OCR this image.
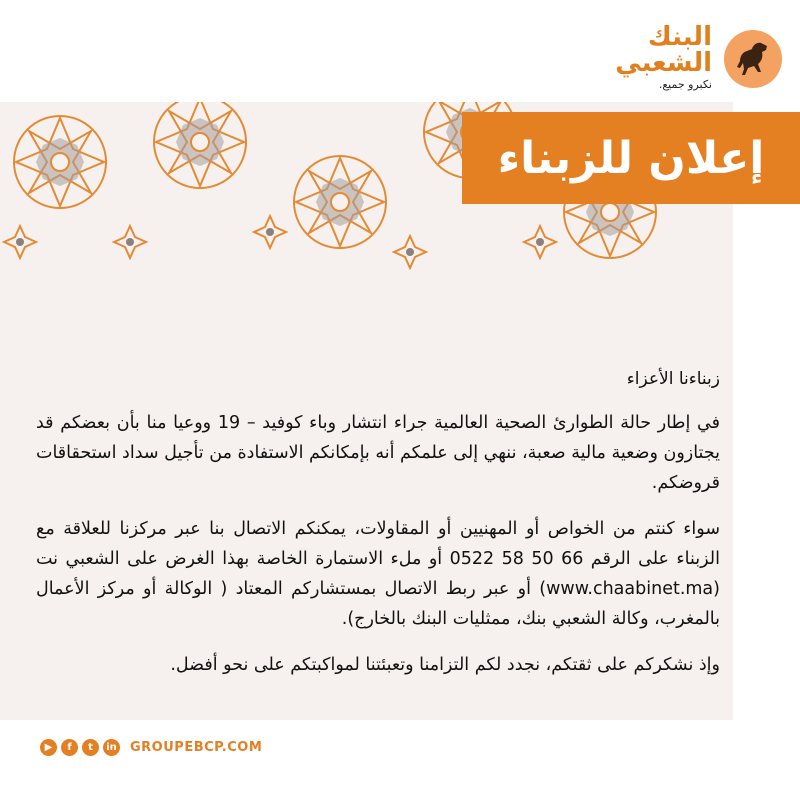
البنك
الشعبي
نكبرو جميع.

زبناءنا الأعزاء

في إطار حالة الطوارئ الصحية العالمية جراء انتشار وباء كوفيد – 19 ووعيا منا بأن بعضكم قد يجتازون وضعية مالية صعبة، ننهي إلى علمكم أنه بإمكانكم الاستفادة من تأجيل سداد استحقاقات قروضكم.

سواء كنتم من الخواص أو المهنيين أو المقاولات، يمكنكم الاتصال بنا عبر مركزنا للعلاقة مع الزبناء على الرقم 66 50 58 0522 أو ملء الاستمارة الخاصة بهذا الغرض على الشعبي نت (www.chaabinet.ma) أو عبر ربط الاتصال بمستشاركم المعتاد ( الوكالة أو مركز الأعمال بالمغرب، وكالة الشعبي بنك، ممثليات البنك بالخارج).

وإذ نشكركم على ثقتكم، نجدد لكم التزامنا وتعبئتنا لمواكبتكم على نحو أفضل.

إعلان للزبناء
▶	f	t	in GROUPEBCP.COM
